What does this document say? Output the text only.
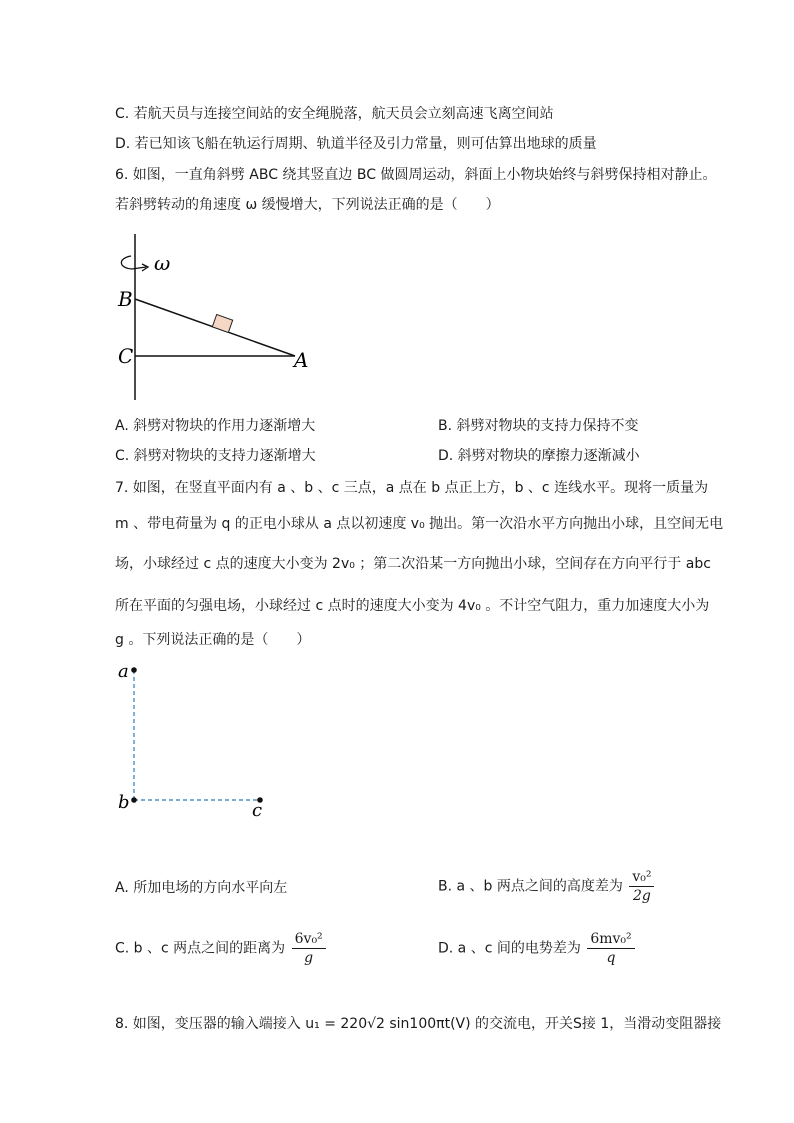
C. 若航天员与连接空间站的安全绳脱落，航天员会立刻高速飞离空间站
D. 若已知该飞船在轨运行周期、轨道半径及引力常量，则可估算出地球的质量
6. 如图，一直角斜劈 ABC 绕其竖直边 BC 做圆周运动，斜面上小物块始终与斜劈保持相对静止。
若斜劈转动的角速度 ω 缓慢增大，下列说法正确的是（　　）
ω
B
C	A
A. 斜劈对物块的作用力逐渐增大	B. 斜劈对物块的支持力保持不变
C. 斜劈对物块的支持力逐渐增大	D. 斜劈对物块的摩擦力逐渐减小
7. 如图，在竖直平面内有 a 、b 、c 三点，a 点在 b 点正上方，b 、c 连线水平。现将一质量为
m 、带电荷量为 q 的正电小球从 a 点以初速度 v₀ 抛出。第一次沿水平方向抛出小球，且空间无电
场，小球经过 c 点的速度大小变为 2v₀ ；第二次沿某一方向抛出小球，空间存在方向平行于 abc
所在平面的匀强电场，小球经过 c 点时的速度大小变为 4v₀ 。不计空气阻力，重力加速度大小为
g 。下列说法正确的是（　　）
a
b	c
A. 所加电场的方向水平向左	B. a 、b 两点之间的高度差为 $\frac{\text{v₀²}}{2g}$
C. b 、c 两点之间的距离为 $\frac{\text{6v₀²}}{g}$	D. a 、c 间的电势差为 $\frac{\text{6mv₀²}}{q}$
8. 如图，变压器的输入端接入 u₁ = 220√2 sin100πt(V) 的交流电，开关S接 1，当滑动变阻器接
